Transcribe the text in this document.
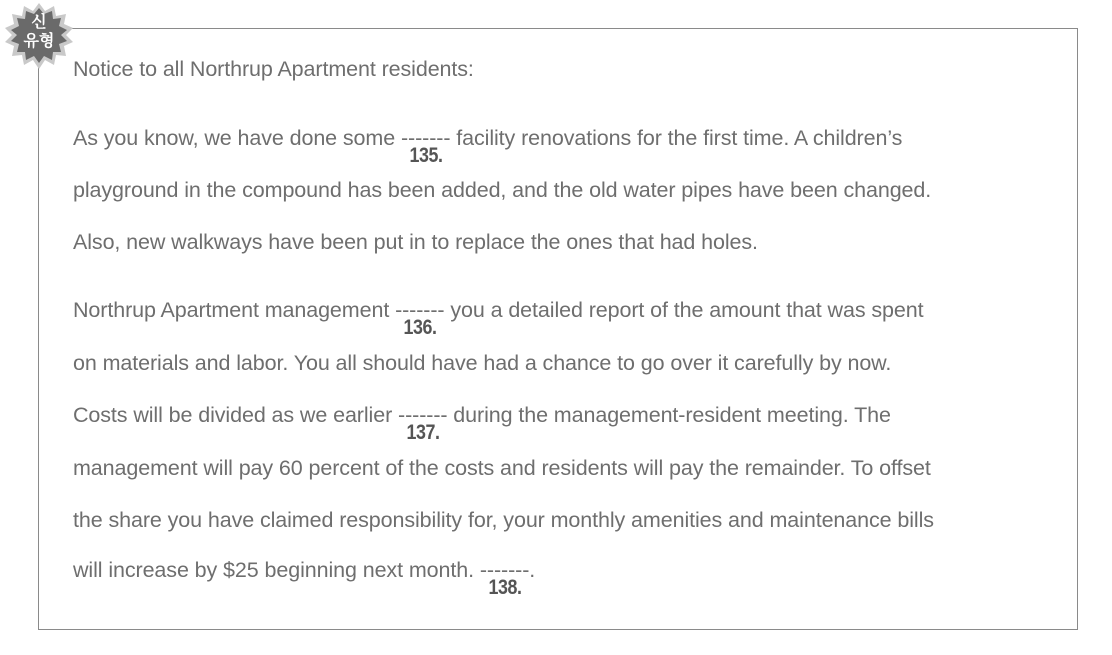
신
유형
Notice to all Northrup Apartment residents:
As you know, we have done some -------
135.
facility renovations for the first time. A children’s
playground in the compound has been added, and the old water pipes have been changed.
Also, new walkways have been put in to replace the ones that had holes.
Northrup Apartment management -------
136.
you a detailed report of the amount that was spent
on materials and labor. You all should have had a chance to go over it carefully by now.
Costs will be divided as we earlier -------
137.
during the management-resident meeting. The
management will pay 60 percent of the costs and residents will pay the remainder. To offset
the share you have claimed responsibility for, your monthly amenities and maintenance bills
will increase by $25 beginning next month. -------
138.
.
